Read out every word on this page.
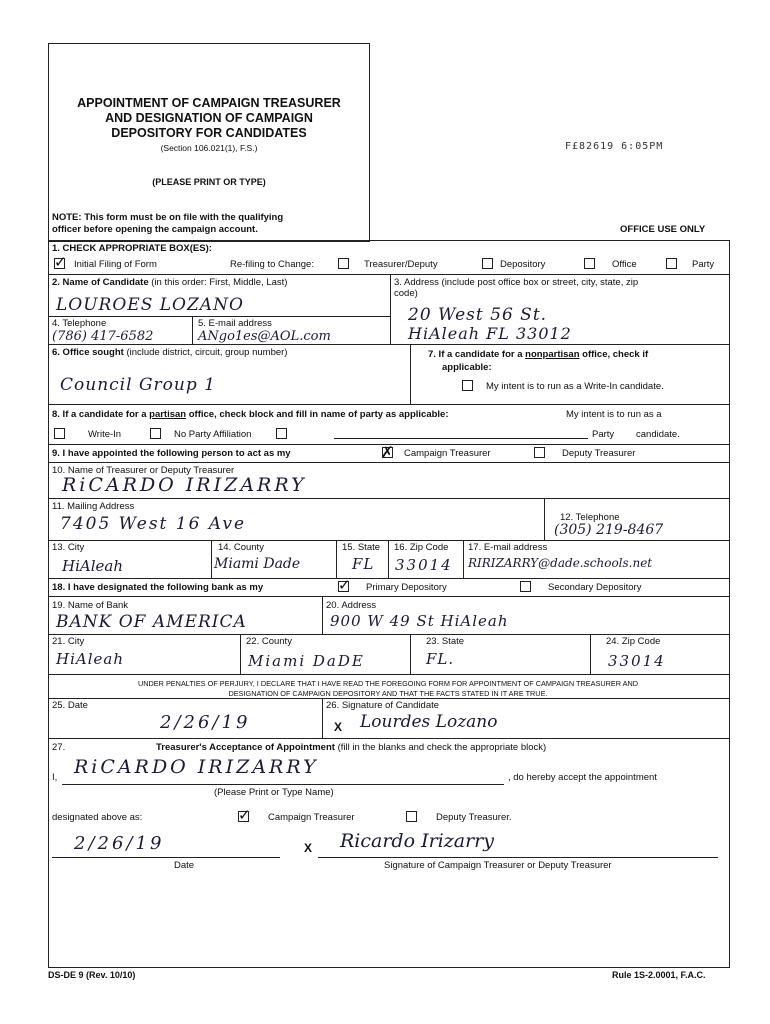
APPOINTMENT OF CAMPAIGN TREASURER
AND DESIGNATION OF CAMPAIGN
DEPOSITORY FOR CANDIDATES
(Section 106.021(1), F.S.)
(PLEASE PRINT OR TYPE)
NOTE: This form must be on file with the qualifying
officer before opening the campaign account.
F£82619 6:05PM
OFFICE USE ONLY
1. CHECK APPROPRIATE BOX(ES):
✓ Initial Filing of Form	Re-filing to Change:	Treasurer/Deputy	Depository	Office	Party
2. Name of Candidate (in this order: First, Middle, Last)
LOUROES LOZANO
3. Address (include post office box or street, city, state, zip
code)
20 West 56 St.
HiAleah FL 33012
4. Telephone
(786) 417-6582
5. E-mail address
ANgo1es@AOL.com
6. Office sought (include district, circuit, group number)
Council Group 1
7. If a candidate for a nonpartisan office, check if
applicable:
My intent is to run as a Write-In candidate.
8. If a candidate for a partisan office, check block and fill in name of party as applicable:	My intent is to run as a
Write-In	No Party Affiliation	Party candidate.
9. I have appointed the following person to act as my	✗ Campaign Treasurer	Deputy Treasurer
10. Name of Treasurer or Deputy Treasurer
RiCARDO IRIZARRY
11. Mailing Address
7405 West 16 Ave	12. Telephone
(305) 219-8467
13. City
HiAleah
14. County
Miami Dade
15. State
FL
16. Zip Code
33014
17. E-mail address
RIRIZARRY@dade.schools.net
18. I have designated the following bank as my	✓ Primary Depository	Secondary Depository
19. Name of Bank
BANK OF AMERICA
20. Address
900 W 49 St HiAleah
21. City
HiAleah
22. County
Miami DaDE
23. State
FL.
24. Zip Code
33014
UNDER PENALTIES OF PERJURY, I DECLARE THAT I HAVE READ THE FOREGOING FORM FOR APPOINTMENT OF CAMPAIGN TREASURER AND
DESIGNATION OF CAMPAIGN DEPOSITORY AND THAT THE FACTS STATED IN IT ARE TRUE.
25. Date
2/26/19
26. Signature of Candidate
X Lourdes Lozano
27.	Treasurer's Acceptance of Appointment (fill in the blanks and check the appropriate block)
I, RiCARDO IRIZARRY	, do hereby accept the appointment
(Please Print or Type Name)
designated above as:	✓ Campaign Treasurer	Deputy Treasurer.
2/26/19
Date
X Ricardo Irizarry
Signature of Campaign Treasurer or Deputy Treasurer
DS-DE 9 (Rev. 10/10)	Rule 1S-2.0001, F.A.C.
